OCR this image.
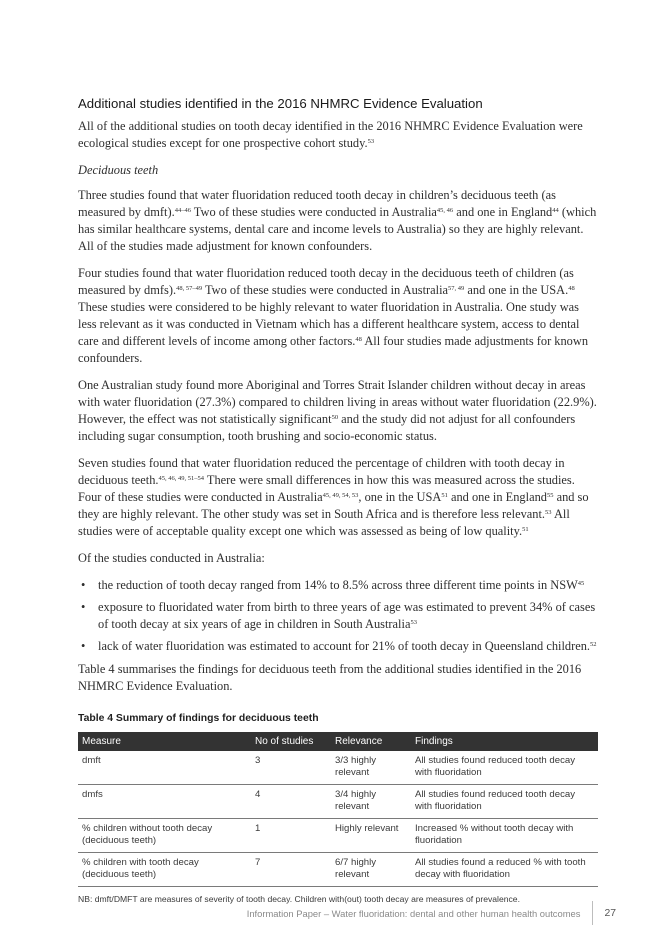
Additional studies identified in the 2016 NHMRC Evidence Evaluation

All of the additional studies on tooth decay identified in the 2016 NHMRC Evidence Evaluation were ecological studies except for one prospective cohort study.$^{53}$

Deciduous teeth

Three studies found that water fluoridation reduced tooth decay in children’s deciduous teeth (as measured by dmft).$^{44-46}$ Two of these studies were conducted in Australia$^{45, 46}$ and one in England$^{44}$ (which has similar healthcare systems, dental care and income levels to Australia) so they are highly relevant. All of the studies made adjustment for known confounders.

Four studies found that water fluoridation reduced tooth decay in the deciduous teeth of children (as measured by dmfs).$^{48, 57-49}$ Two of these studies were conducted in Australia$^{57, 49}$ and one in the USA.$^{48}$ These studies were considered to be highly relevant to water fluoridation in Australia. One study was less relevant as it was conducted in Vietnam which has a different healthcare system, access to dental care and different levels of income among other factors.$^{48}$ All four studies made adjustments for known confounders.

One Australian study found more Aboriginal and Torres Strait Islander children without decay in areas with water fluoridation (27.3%) compared to children living in areas without water fluoridation (22.9%). However, the effect was not statistically significant$^{50}$ and the study did not adjust for all confounders including sugar consumption, tooth brushing and socio-economic status.

Seven studies found that water fluoridation reduced the percentage of children with tooth decay in deciduous teeth.$^{45, 46, 49, 51-54}$ There were small differences in how this was measured across the studies. Four of these studies were conducted in Australia$^{45, 49, 54, 53}$, one in the USA$^{51}$ and one in England$^{55}$ and so they are highly relevant. The other study was set in South Africa and is therefore less relevant.$^{53}$ All studies were of acceptable quality except one which was assessed as being of low quality.$^{51}$

Of the studies conducted in Australia:

• the reduction of tooth decay ranged from 14% to 8.5% across three different time points in NSW$^{45}$
• exposure to fluoridated water from birth to three years of age was estimated to prevent 34% of cases of tooth decay at six years of age in children in South Australia$^{53}$
• lack of water fluoridation was estimated to account for 21% of tooth decay in Queensland children.$^{52}$

Table 4 summarises the findings for deciduous teeth from the additional studies identified in the 2016 NHMRC Evidence Evaluation.

Table 4 Summary of findings for deciduous teeth
Measure	No of studies	Relevance	Findings
dmft	3	3/3 highly relevant	All studies found reduced tooth decay with fluoridation
dmfs	4	3/4 highly relevant	All studies found reduced tooth decay with fluoridation
% children without tooth decay (deciduous teeth)	1	Highly relevant	Increased % without tooth decay with fluoridation
% children with tooth decay (deciduous teeth)	7	6/7 highly relevant	All studies found a reduced % with tooth decay with fluoridation
NB: dmft/DMFT are measures of severity of tooth decay. Children with(out) tooth decay are measures of prevalence.
Information Paper – Water fluoridation: dental and other human health outcomes 27
